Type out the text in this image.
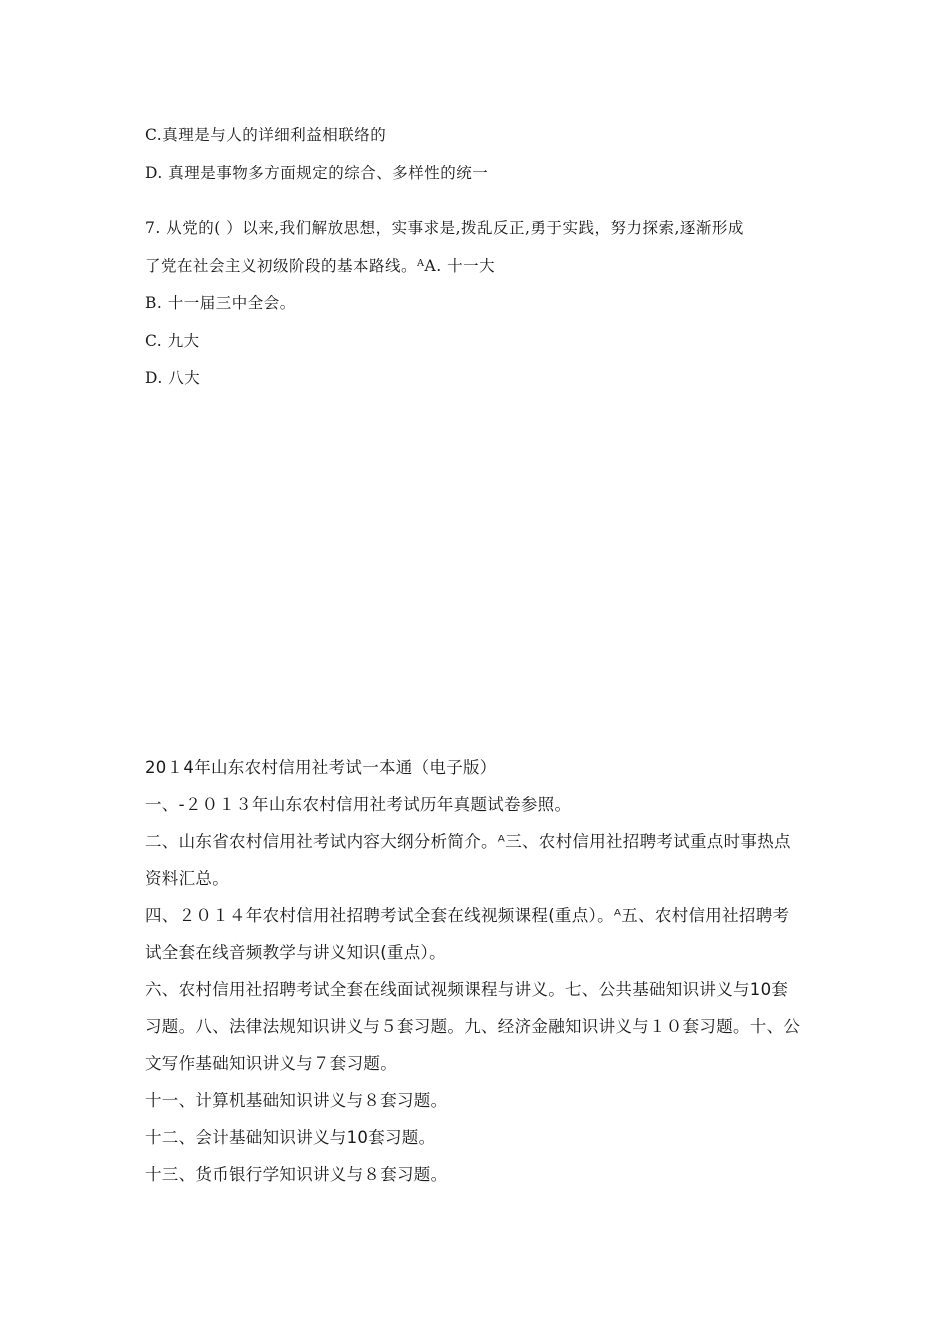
C.真理是与人的详细利益相联络的
D. 真理是事物多方面规定的综合、多样性的统一
7. 从党的( ）以来,我们解放思想，实事求是,拨乱反正,勇于实践，努力探索,逐渐形成
了党在社会主义初级阶段的基本路线。ᴬA. 十一大
B. 十一届三中全会。
C. 九大
D. 八大
20１4年山东农村信用社考试一本通（电子版）
一、-２０１３年山东农村信用社考试历年真题试卷参照。
二、山东省农村信用社考试内容大纲分析简介。ᴬ三、农村信用社招聘考试重点时事热点
资料汇总。
四、２０１４年农村信用社招聘考试全套在线视频课程(重点）。ᴬ五、农村信用社招聘考
试全套在线音频教学与讲义知识(重点）。
六、农村信用社招聘考试全套在线面试视频课程与讲义。七、公共基础知识讲义与10套
习题。八、法律法规知识讲义与５套习题。九、经济金融知识讲义与１０套习题。十、公
文写作基础知识讲义与７套习题。
十一、计算机基础知识讲义与８套习题。
十二、会计基础知识讲义与10套习题。
十三、货币银行学知识讲义与８套习题。
